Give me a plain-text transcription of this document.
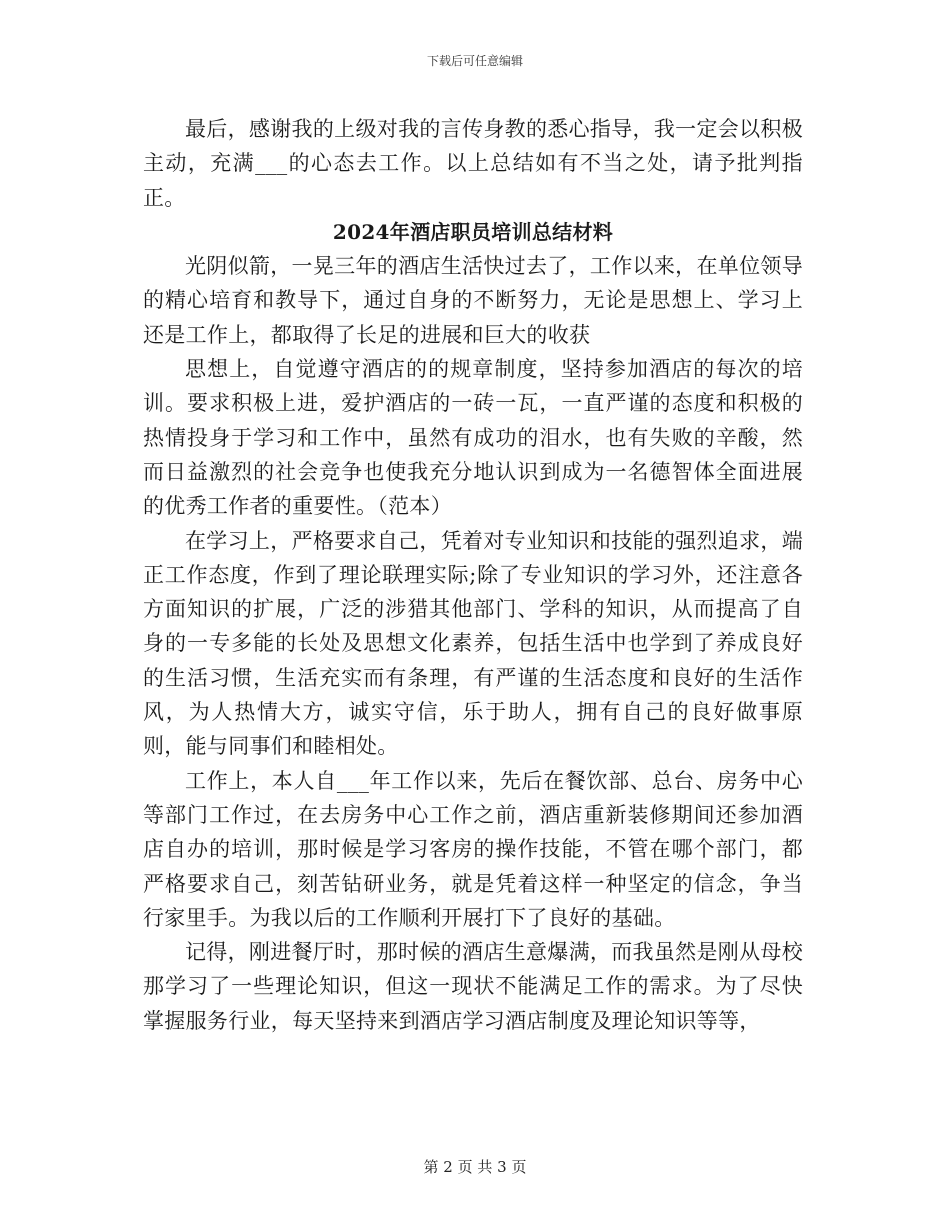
下载后可任意编辑

最后，感谢我的上级对我的言传身教的悉心指导，我一定会以积极主动，充满___的心态去工作。以上总结如有不当之处，请予批判指正。

2024年酒店职员培训总结材料

光阴似箭，一晃三年的酒店生活快过去了，工作以来，在单位领导的精心培育和教导下，通过自身的不断努力，无论是思想上、学习上还是工作上，都取得了长足的进展和巨大的收获

思想上，自觉遵守酒店的的规章制度，坚持参加酒店的每次的培训。要求积极上进，爱护酒店的一砖一瓦，一直严谨的态度和积极的热情投身于学习和工作中，虽然有成功的泪水，也有失败的辛酸，然而日益激烈的社会竞争也使我充分地认识到成为一名德智体全面进展的优秀工作者的重要性。（范本）

在学习上，严格要求自己，凭着对专业知识和技能的强烈追求，端正工作态度，作到了理论联理实际;除了专业知识的学习外，还注意各方面知识的扩展，广泛的涉猎其他部门、学科的知识，从而提高了自身的一专多能的长处及思想文化素养，包括生活中也学到了养成良好的生活习惯，生活充实而有条理，有严谨的生活态度和良好的生活作风，为人热情大方，诚实守信，乐于助人，拥有自己的良好做事原则，能与同事们和睦相处。

工作上，本人自___年工作以来，先后在餐饮部、总台、房务中心等部门工作过，在去房务中心工作之前，酒店重新装修期间还参加酒店自办的培训，那时候是学习客房的操作技能，不管在哪个部门，都严格要求自己，刻苦钻研业务，就是凭着这样一种坚定的信念，争当行家里手。为我以后的工作顺利开展打下了良好的基础。

记得，刚进餐厅时，那时候的酒店生意爆满，而我虽然是刚从母校那学习了一些理论知识，但这一现状不能满足工作的需求。为了尽快掌握服务行业，每天坚持来到酒店学习酒店制度及理论知识等等，

第 2 页 共 3 页
